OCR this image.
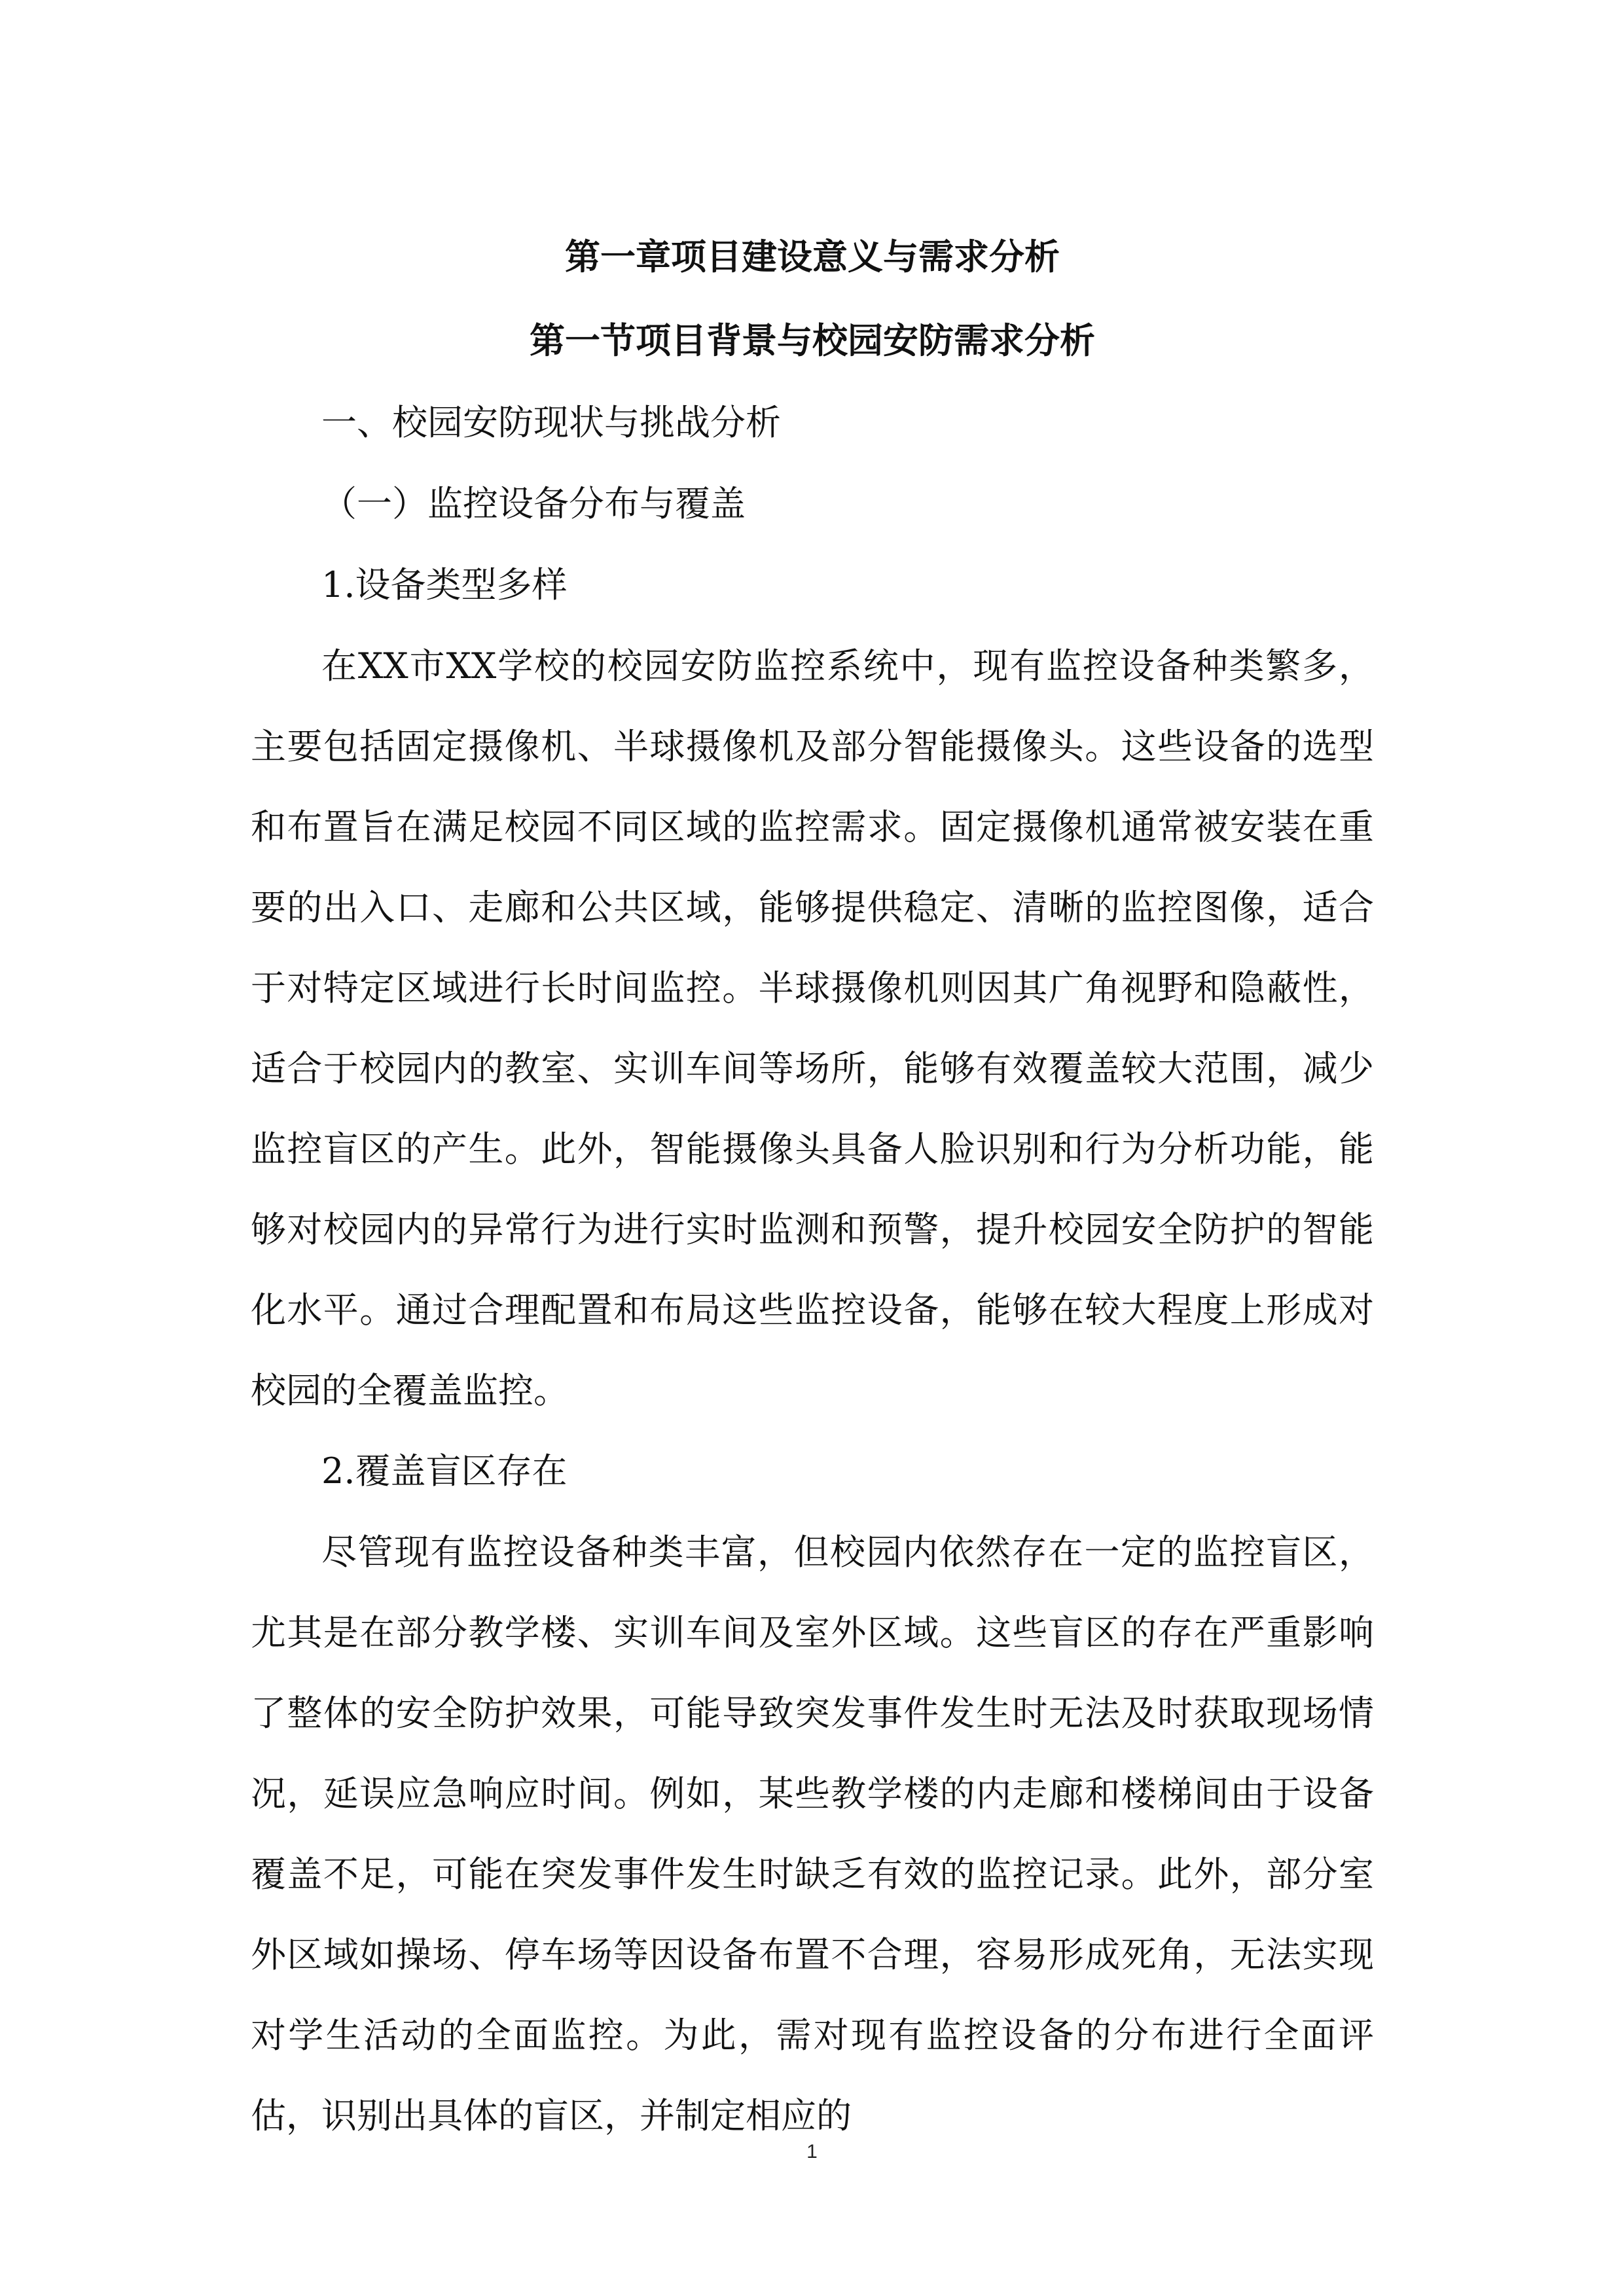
第一章项目建设意义与需求分析
第一节项目背景与校园安防需求分析

一、校园安防现状与挑战分析

（一）监控设备分布与覆盖

1.设备类型多样

在XX市XX学校的校园安防监控系统中，现有监控设备种类繁多，主要包括固定摄像机、半球摄像机及部分智能摄像头。这些设备的选型和布置旨在满足校园不同区域的监控需求。固定摄像机通常被安装在重要的出入口、走廊和公共区域，能够提供稳定、清晰的监控图像，适合于对特定区域进行长时间监控。半球摄像机则因其广角视野和隐蔽性，适合于校园内的教室、实训车间等场所，能够有效覆盖较大范围，减少监控盲区的产生。此外，智能摄像头具备人脸识别和行为分析功能，能够对校园内的异常行为进行实时监测和预警，提升校园安全防护的智能化水平。通过合理配置和布局这些监控设备，能够在较大程度上形成对校园的全覆盖监控。

2.覆盖盲区存在

尽管现有监控设备种类丰富，但校园内依然存在一定的监控盲区，尤其是在部分教学楼、实训车间及室外区域。这些盲区的存在严重影响了整体的安全防护效果，可能导致突发事件发生时无法及时获取现场情况，延误应急响应时间。例如，某些教学楼的内走廊和楼梯间由于设备覆盖不足，可能在突发事件发生时缺乏有效的监控记录。此外，部分室外区域如操场、停车场等因设备布置不合理，容易形成死角，无法实现对学生活动的全面监控。为此，需对现有监控设备的分布进行全面评估，识别出具体的盲区，并制定相应的

1
